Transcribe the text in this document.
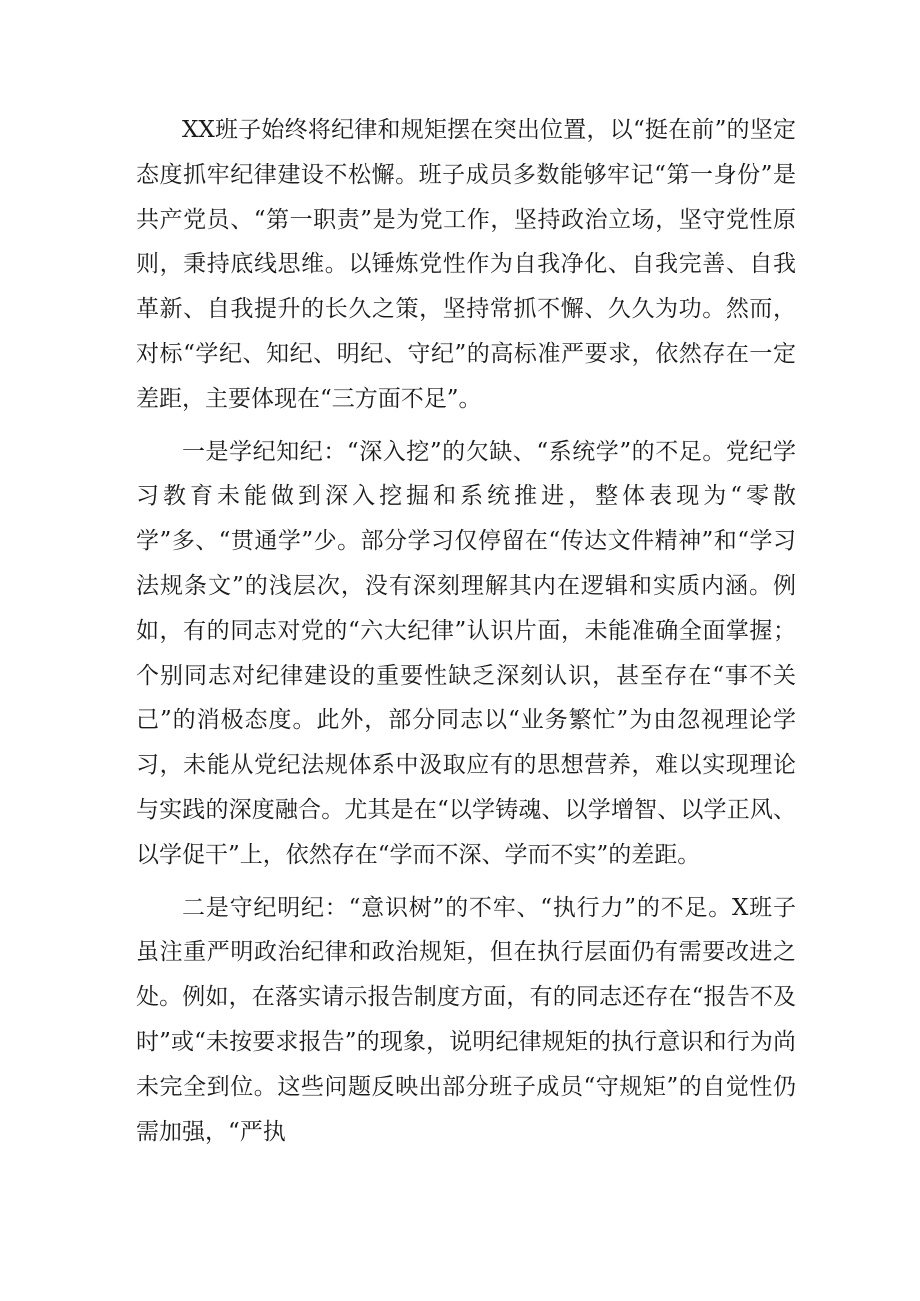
XX班子始终将纪律和规矩摆在突出位置，以“挺在前”的坚定态度抓牢纪律建设不松懈。班子成员多数能够牢记“第一身份”是共产党员、“第一职责”是为党工作，坚持政治立场，坚守党性原则，秉持底线思维。以锤炼党性作为自我净化、自我完善、自我革新、自我提升的长久之策，坚持常抓不懈、久久为功。然而，对标“学纪、知纪、明纪、守纪”的高标准严要求，依然存在一定差距，主要体现在“三方面不足”。

一是学纪知纪：“深入挖”的欠缺、“系统学”的不足。党纪学习教育未能做到深入挖掘和系统推进，整体表现为“零散学”多、“贯通学”少。部分学习仅停留在“传达文件精神”和“学习法规条文”的浅层次，没有深刻理解其内在逻辑和实质内涵。例如，有的同志对党的“六大纪律”认识片面，未能准确全面掌握；个别同志对纪律建设的重要性缺乏深刻认识，甚至存在“事不关己”的消极态度。此外，部分同志以“业务繁忙”为由忽视理论学习，未能从党纪法规体系中汲取应有的思想营养，难以实现理论与实践的深度融合。尤其是在“以学铸魂、以学增智、以学正风、以学促干”上，依然存在“学而不深、学而不实”的差距。

二是守纪明纪：“意识树”的不牢、“执行力”的不足。X班子虽注重严明政治纪律和政治规矩，但在执行层面仍有需要改进之处。例如，在落实请示报告制度方面，有的同志还存在“报告不及时”或“未按要求报告”的现象，说明纪律规矩的执行意识和行为尚未完全到位。这些问题反映出部分班子成员“守规矩”的自觉性仍需加强，“严执
